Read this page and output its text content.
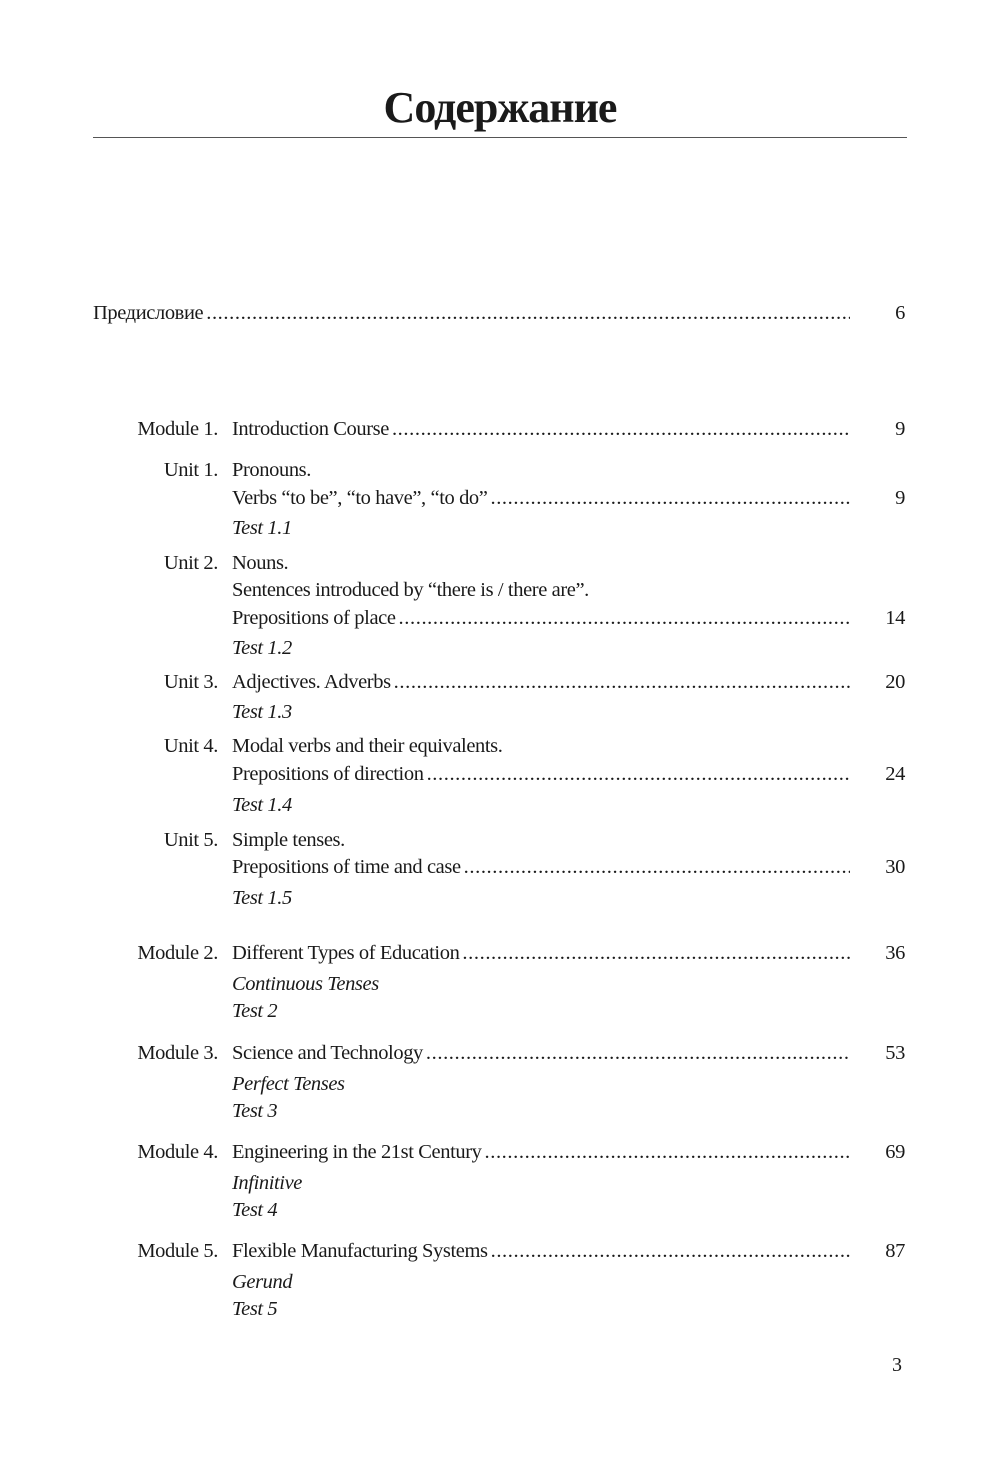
Содержание
Предисловие .....	6
Module 1. Introduction Course .....	9
Unit 1. Pronouns.
Verbs “to be”, “to have”, “to do” .....	9
Test 1.1
Unit 2. Nouns.
Sentences introduced by “there is / there are”.
Prepositions of place .....	14
Test 1.2
Unit 3. Adjectives. Adverbs .....	20
Test 1.3
Unit 4. Modal verbs and their equivalents.
Prepositions of direction .....	24
Test 1.4
Unit 5. Simple tenses.
Prepositions of time and case .....	30
Test 1.5
Module 2. Different Types of Education .....	36
Continuous Tenses
Test 2
Module 3. Science and Technology .....	53
Perfect Tenses
Test 3
Module 4. Engineering in the 21st Century .....	69
Infinitive
Test 4
Module 5. Flexible Manufacturing Systems .....	87
Gerund
Test 5
3
